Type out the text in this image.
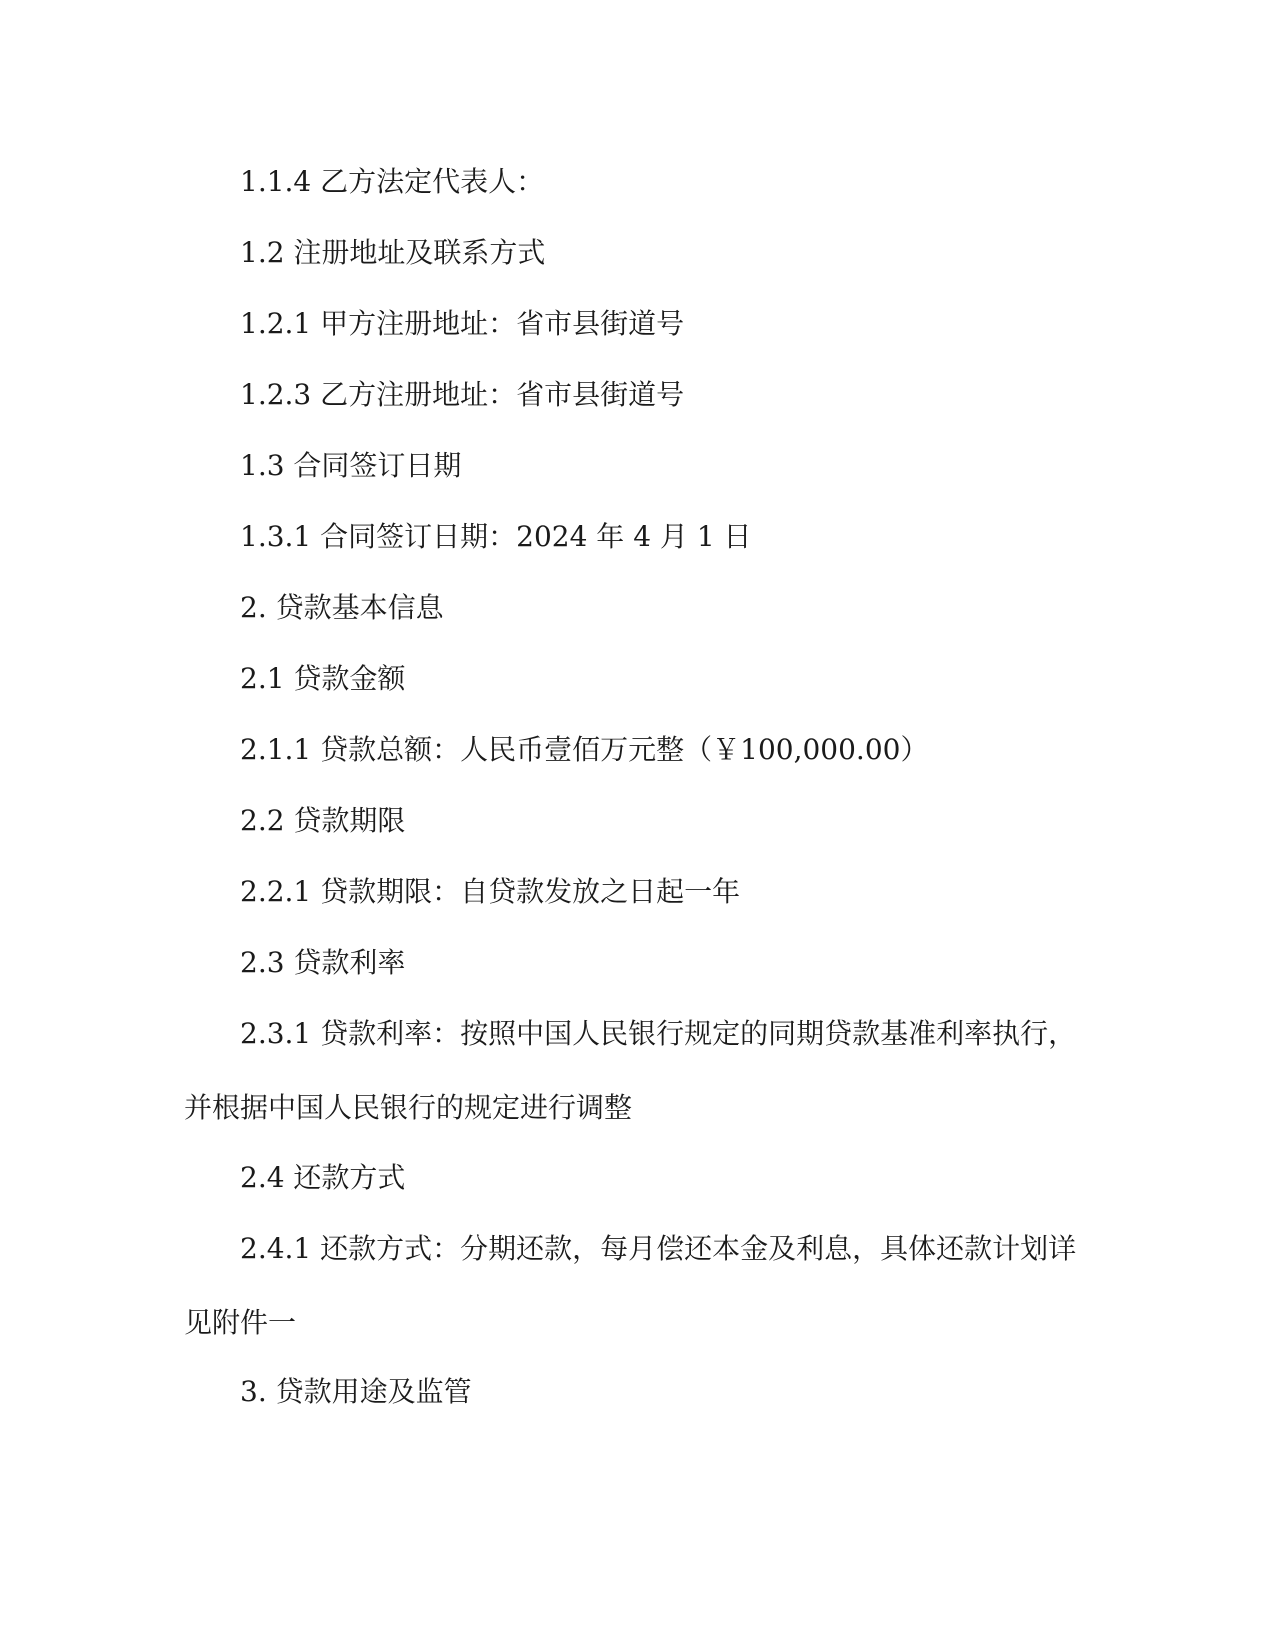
1.1.4 乙方法定代表人：

1.2 注册地址及联系方式

1.2.1 甲方注册地址：省市县街道号

1.2.3 乙方注册地址：省市县街道号

1.3 合同签订日期

1.3.1 合同签订日期：2024 年 4 月 1 日

2. 贷款基本信息

2.1 贷款金额

2.1.1 贷款总额：人民币壹佰万元整（￥100,000.00）

2.2 贷款期限

2.2.1 贷款期限：自贷款发放之日起一年

2.3 贷款利率

2.3.1 贷款利率：按照中国人民银行规定的同期贷款基准利率执行，并根据中国人民银行的规定进行调整

2.4 还款方式

2.4.1 还款方式：分期还款，每月偿还本金及利息，具体还款计划详见附件一

3. 贷款用途及监管
